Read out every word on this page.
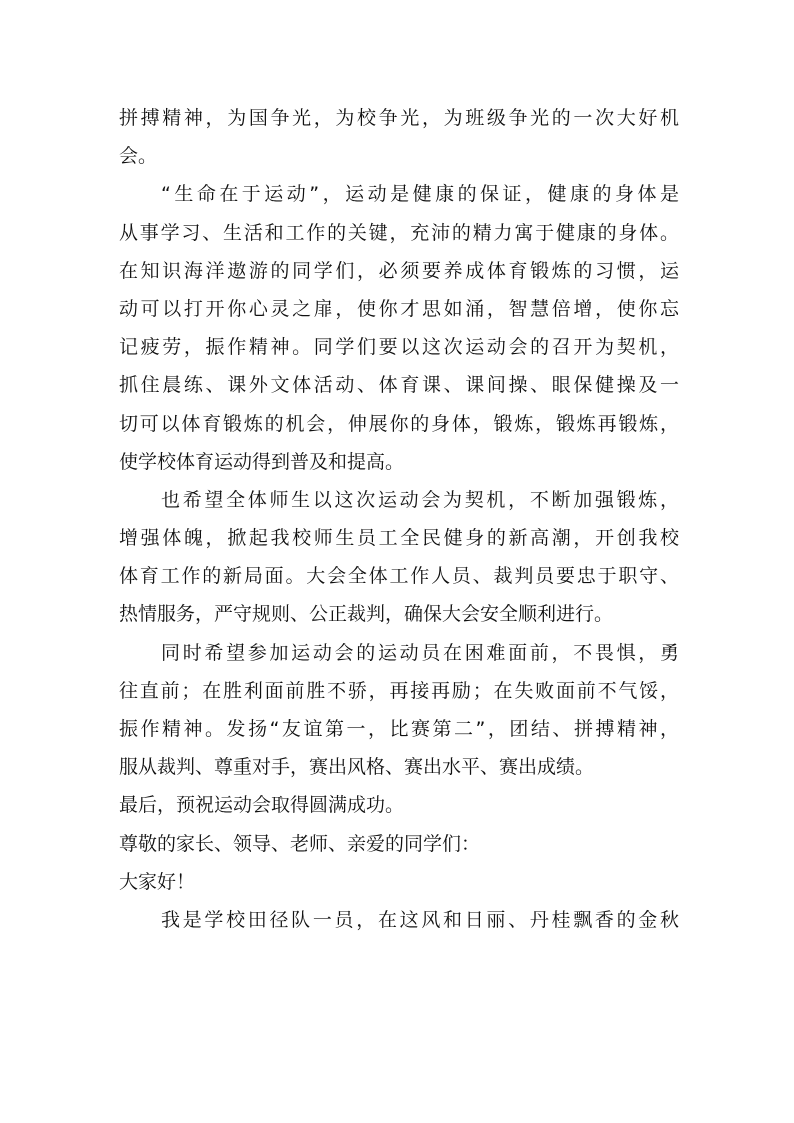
拼搏精神，为国争光，为校争光，为班级争光的一次大好机
会。
“生命在于运动”，运动是健康的保证，健康的身体是
从事学习、生活和工作的关键，充沛的精力寓于健康的身体。
在知识海洋遨游的同学们，必须要养成体育锻炼的习惯，运
动可以打开你心灵之扉，使你才思如涌，智慧倍增，使你忘
记疲劳，振作精神。同学们要以这次运动会的召开为契机，
抓住晨练、课外文体活动、体育课、课间操、眼保健操及一
切可以体育锻炼的机会，伸展你的身体，锻炼，锻炼再锻炼，
使学校体育运动得到普及和提高。
也希望全体师生以这次运动会为契机，不断加强锻炼，
增强体魄，掀起我校师生员工全民健身的新高潮，开创我校
体育工作的新局面。大会全体工作人员、裁判员要忠于职守、
热情服务，严守规则、公正裁判，确保大会安全顺利进行。
同时希望参加运动会的运动员在困难面前，不畏惧，勇
往直前；在胜利面前胜不骄，再接再励；在失败面前不气馁，
振作精神。发扬“友谊第一，比赛第二”，团结、拼搏精神，
服从裁判、尊重对手，赛出风格、赛出水平、赛出成绩。
最后，预祝运动会取得圆满成功。
尊敬的家长、领导、老师、亲爱的同学们：
大家好！
我是学校田径队一员，在这风和日丽、丹桂飘香的金秋
